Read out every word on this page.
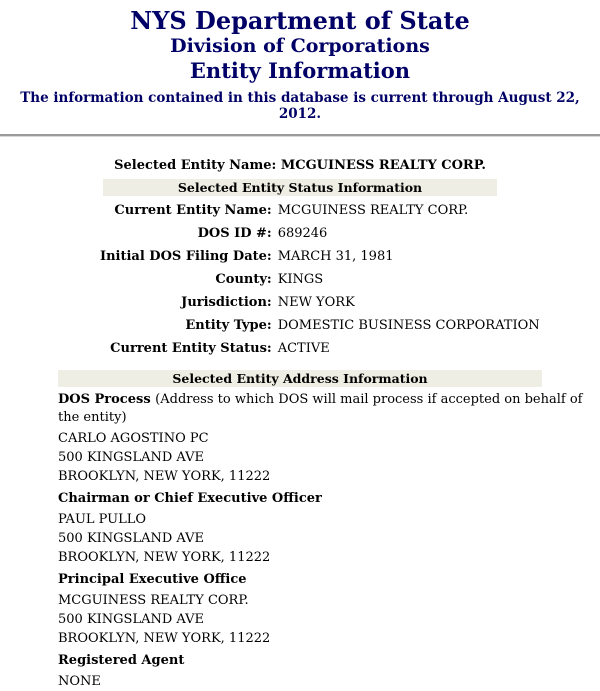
NYS Department of State
Division of Corporations
Entity Information
The information contained in this database is current through August 22, 2012.
Selected Entity Name: MCGUINESS REALTY CORP.
Selected Entity Status Information
Current Entity Name:	MCGUINESS REALTY CORP.
DOS ID #:	689246
Initial DOS Filing Date:	MARCH 31, 1981
County:	KINGS
Jurisdiction:	NEW YORK
Entity Type:	DOMESTIC BUSINESS CORPORATION
Current Entity Status:	ACTIVE
Selected Entity Address Information
DOS Process (Address to which DOS will mail process if accepted on behalf of the entity)
CARLO AGOSTINO PC
500 KINGSLAND AVE
BROOKLYN, NEW YORK, 11222
Chairman or Chief Executive Officer
PAUL PULLO
500 KINGSLAND AVE
BROOKLYN, NEW YORK, 11222
Principal Executive Office
MCGUINESS REALTY CORP.
500 KINGSLAND AVE
BROOKLYN, NEW YORK, 11222
Registered Agent
NONE
